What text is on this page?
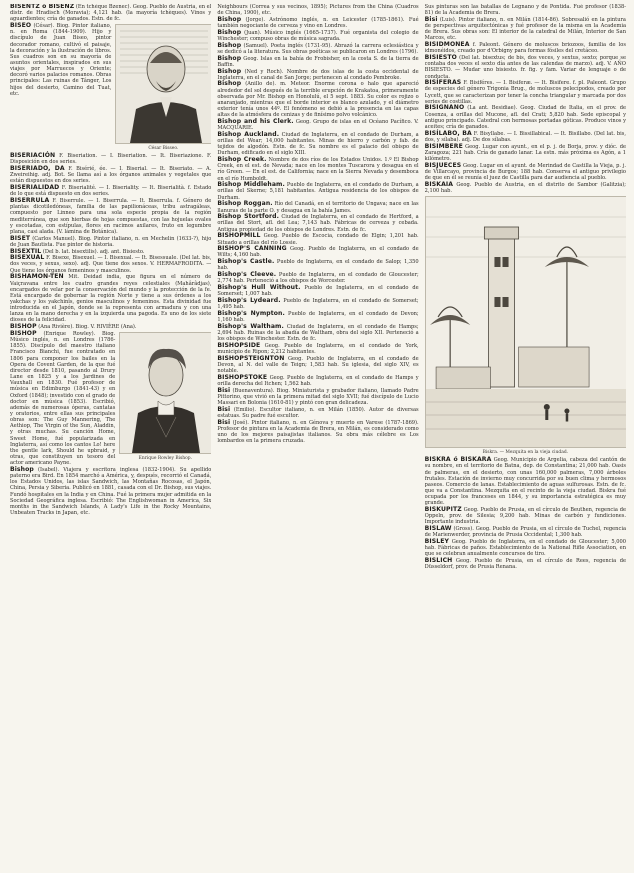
BISENTZ ó BISENZ (En tchèque Bzenec). Geog. Pueblo de Austria, en el distr. de Hradisch (Moravia); 4,121 hab. (la mayoría tchèques). Vinos y aguardientes; cría de ganados. Estn. de fc.
César Bisseo.
BISEO (César). Biog. Pintor italiano, n. en Roma (1844-1909). Hijo y discípulo de Juan Biseo, pintor decorador romano, cultivó el paisaje, la decoración y la ilustración de libros. Sus cuadros son en su mayoría de asuntos orientales, inspirados en sus viajes por Marruecos y Oriente; decoró varios palacios romanos. Obras principales: Las ruinas de Tánger, Los hijos del desierto, Camino del Tuat, etc.
BISERIACIÓN F. Biseriation. — I. Biseriation. — It. Biseriazione. F. Disposición en dos series.
BISERIADO, DA F. Bisérié, ée. — I. Biserial. — It. Biseriato. — A. Zweireihig. adj. Bot. Se llama así a los órganos animales y vegetales que están dispuestos en dos series.
BISERIALIDAD F. Biserialité. — I. Biseriality. — It. Biserialità. f. Estado de lo que está dispuesto en dos series.
BISERRULA F. Biserrule. — I. Biserrula. — It. Biserrula. f. Género de plantas dicotiledóneas, familia de las papilionáceas, tribu astragáleas, compuesto por Linneo para una sola especie propia de la región mediterránea, que son hierbas de hojas compuestas, con las hojuelas ovales y escotadas, con estípulas, flores en racimos axilares, fruto en legumbre plana, casi alada. (V. lámina de Botánica).
BISET (Carlos Manuel). Biog. Pintor italiano, n. en Mechelin (1633-?), hijo de Juan Bautista. Fue pintor de historia.
BISEXTIL (Del b. lat. bisextilis). adj. ant. Bisiesto.
BISEXUAL F. Bisexe, Bisexuel. — I. Bisexual. — It. Bisessuale. (Del lat. bis, dos veces, y sexus, sexo). adj. Que tiene dos sexos. V. HERMAFRODITA. — Que tiene los órganos femeninos y masculinos.
BISHAMON-TEN Mit. Deidad india, que figura en el número de Vaiçravana entre los cuatro grandes reyes celestiales (Mahârâdjas), encargados de velar por la conservación del mundo y la protección de la fe. Está encargado de gobernar la región Norte y tiene a sus órdenes a los yakchas y los yakchinîs, genios masculinos y femeninos. Esta divinidad fue introducida en el Japón, donde se la representa con armadura y con una lanza en la mano derecha y en la izquierda una pagoda. Es uno de los siete dioses de la felicidad.
BISHOP (Ana Rivière). Biog. V. RIVIÈRE (Ana).
Enrique Rowley Bishop.
BISHOP (Enrique Rowley). Biog. Músico inglés, n. en Londres (1786-1855). Discípulo del maestro italiano Francisco Bianchi, fue contratado en 1806 para componer los bailes en la Opera de Covent Garden, de la que fué director desde 1810, pasando al Drury Lane en 1825 y a los Jardines de Vauxhall en 1830. Fué profesor de música en Edimburgo (1841-43) y en Oxford (1848); investido con el grado de doctor en música (1853). Escribió, además de numerosas óperas, cantatas y oratorios, entre ellas sus principales obras son: The Guy Mannering, The Aethiop, The Virgin of the Sun, Aladdin, y otras muchas. Su canción Home, Sweet Home, fué popularizada en Inglaterra, así como los cantos Lo! here the gentle lark, Should he upbraid, y otras, que constituyen un tesoro del actor americano Payne.
Bishop (Isabel). Viajera y escritora inglesa (1832-1904). Su apellido paterno era Bird. En 1854 marchó a América, y, después, recorrió el Canadá, los Estados Unidos, las islas Sandwich, las Montañas Rocosas, el Japón, China, Persia y Siberia. Publicó en 1881, casada con el Dr. Bishop, sus viajes. Fundó hospitales en la India y en China. Fué la primera mujer admitida en la Sociedad Geográfica inglesa. Escribió: The Englishwoman in America, Six months in the Sandwich Islands, A Lady's Life in the Rocky Mountains, Unbeaten Tracks in Japan, etc.
Neighbours (Correa y sus vecinos, 1895); Pictures from the China (Cuadros de China, 1900), etc.
Bishop (Jorge). Astrónomo inglés, n. en Leicester (1785-1861). Fué también negociante de cerveza y vino en Londres.
Bishop (Juan). Músico inglés (1665-1737). Fué organista del colegio de Winchester; compuso obras de música sagrada.
Bishop (Samuel). Poeta inglés (1731-95). Abrazó la carrera eclesiástica y se dedicó a la literatura. Sus obras poéticas se publicaron en Londres (1796).
Bishop Geog. Islas en la bahía de Frobisher, en la costa S. de la tierra de Baffin.
Bishop (Ned y Roch). Nombre de dos islas de la costa occidental de Inglaterra, en el canal de San Jorge; pertenecen al condado Pembroke.
Bishop (Anillo de). m. Meteor. Enorme corona o halo que apareció alrededor del sol después de la terrible erupción de Krakatoa, primeramente observada por Mr. Bishop en Honolulú, el 5 sept. 1883. Su color es rojizo o anaranjado, mientras que el borde interior es blanco azulado, y el diámetro exterior tenía unos 44º. El fenómeno se debió a la presencia en las capas altas de la atmósfera de cenizas y de finísimo polvo volcánico.
Bishop and his Clerk. Geog. Grupo de islas en el Océano Pacífico. V. MACQUARIE.
Bishop Auckland. Ciudad de Inglaterra, en el condado de Durham, a orillas del Wear; 14,000 habitantes. Minas de hierro y carbón y fab. de tejidos de algodón. Estn. de fc. Su nombre es el palacio del obispo de Durham, edificado en el siglo XIII.
Bishop Creek. Nombre de dos ríos de los Estados Unidos. 1.º El Bishop Creek, en el est. de Nevada; nace en los montes Tuscarora y desagua en el río Green. — En el est. de California; nace en la Sierra Nevada y desemboca en el río Humboldt.
Bishop Middleham. Pueblo de Inglaterra, en el condado de Durham, a orillas del Skerne; 5,181 habitantes. Antigua residencia de los obispos de Durham.
Bishop Roggan. Río del Canadá, en el territorio de Ungava; nace en las llanuras de la parte O. y desagua en la bahía James.
Bishop Stortford. Ciudad de Inglaterra, en el condado de Hertford, a orillas del Stort, afl. del Lea; 7,143 hab. Fábricas de cerveza y cebada. Antigua propiedad de los obispos de Londres. Estn. de fc.
BISHOPMILL Geog. Pueblo de Escocia, condado de Elgin; 1,201 hab. Situado a orillas del río Lossie.
BISHOP'S CANNING Geog. Pueblo de Inglaterra, en el condado de Wilts; 4,160 hab.
Bishop's Castle. Pueblo de Inglaterra, en el condado de Salop; 1,350 hab.
Bishop's Cleeve. Pueblo de Inglaterra, en el condado de Gloucester; 2,774 hab. Perteneció a los obispos de Worcester.
Bishop's Hull Without. Pueblo de Inglaterra, en el condado de Somerset; 1,007 hab.
Bishop's Lydeard. Pueblo de Inglaterra, en el condado de Somerset; 1,495 hab.
Bishop's Nympton. Pueblo de Inglaterra, en el condado de Devon; 1,160 hab.
Bishop's Waltham. Ciudad de Inglaterra, en el condado de Hamps; 2,694 hab. Ruinas de la abadía de Waltham, obra del siglo XII. Perteneció a los obispos de Winchester. Estn. de fc.
BISHOPSIDE Geog. Pueblo de Inglaterra, en el condado de York, municipio de Ripon; 2,212 habitantes.
BISHOPSTEIGNTON Geog. Pueblo de Inglaterra, en el condado de Devon, al N. del valle de Teign; 1,583 hab. Su iglesia, del siglo XIV, es notable.
BISHOPSTOKE Geog. Pueblo de Inglaterra, en el condado de Hamps y orilla derecha del Itchen; 1,562 hab.
Bisi (Buenaventura). Biog. Miniaturista y grabador italiano, llamado Padre Pittorino, que vivió en la primera mitad del siglo XVII; fué discípulo de Lucio Massari en Bolonia (1610-81) y pintó con gran delicadeza.
Bisi (Emilio). Escultor italiano, n. en Milán (1850). Autor de diversas estatuas. Su padre fué escultor.
Bisi (José). Pintor italiano, n. en Génova y muerto en Varese (1787-1869). Profesor de pintura en la Academia de Brera, en Milán, es considerado como uno de los mejores paisajistas italianos. Su obra más célebre es Los lombardos en la primera cruzada.
Sus pinturas son las batallas de Legnano y de Pontida. Fué profesor (1838-81) de la Academia de Brera.
Bisi (Luis). Pintor italiano, n. en Milán (1814-86). Sobresalió en la pintura de perspectivas arquitectónicas y fué profesor de la misma en la Academia de Brera. Sus obras son: El interior de la catedral de Milán, Interior de San Marcos, etc.
BISIDMONEA f. Paleont. Género de moluscos briozoos, familia de los idmonéidos, creado por d'Orbigny para formas fósiles del cretáceo.
BISIESTO (Del lat. bisextus; de bis, dos veces, y sextus, sexto; porque se contaba dos veces el sexto día antes de las calendas de marzo). adj. V. AÑO BISIESTO. — Mudar uno bisiesto. fr. fig. y fam. Variar de lenguaje o de conducta.
BISÍFERAS F. Bisiféres. — I. Bisiferæ. — It. Bisifere. f. pl. Paleont. Grupo de especies del género Trigonia Brug., de moluscos pelecípodos, creado por Lycett, que se caracterizan por tener la concha triangular y marcada por dos series de costillas.
BISIGNANO (La ant. Besidiae). Geog. Ciudad de Italia, en el prov. de Cosenza, a orillas del Mucone, afl. del Crati; 5,820 hab. Sede episcopal y antiguo principado. Catedral con hermosas portadas góticas. Produce vinos y aceites; cría de ganados.
BISÍLABO, BA F. Bisyllabe. — I. Bissillabical. — It. Bisillabo. (Del lat. bis, dos, y sílaba). adj. De dos sílabas.
BISIMBERE Geog. Lugar con ayunt., en el p. j. de Borja, prov. y dióc. de Zaragoza; 221 hab. Cría de ganado lanar. La estn. más próxima es Agón, a 1 kilómetro.
BISJUECES Geog. Lugar en el ayunt. de Merindad de Castilla la Vieja, p. j. de Villarcayo, provincia de Burgos; 188 hab. Conserva el antiguo privilegio de que en él se reunía el juez de Castilla para dar audiencia al pueblo.
BISKAIA Geog. Pueblo de Austria, en el distrito de Sambor (Galitzia); 2,100 hab.
Biskra. — Mezquita en la vieja ciudad.
BISKRA ó BISKARA Geog. Municipio de Argelia, cabeza del cantón de su nombre, en el territorio de Batna, dep. de Constantina; 21,000 hab. Oasis de palmeras, en el desierto, con unas 160,000 palmeras, 7,000 árboles frutales. Estación de invierno muy concurrida por su buen clima y hermosos paseos. Comercio de lanas. Establecimiento de aguas sulfurosas. Estn. de fc. que va a Constantina. Mezquita en el recinto de la vieja ciudad. Biskra fué ocupada por los franceses en 1844, y su importancia estratégica es muy grande.
BISKUPITZ Geog. Pueblo de Prusia, en el círculo de Beuthen, regencia de Oppeln, prov. de Silesia; 9,200 hab. Minas de carbón y fundiciones. Importante industria.
BISLAW (Gross). Geog. Pueblo de Prusia, en el círculo de Tuchel, regencia de Marienwerder, provincia de Prusia Occidental; 1,300 hab.
BISLEY Geog. Pueblo de Inglaterra, en el condado de Gloucester; 5,000 hab. Fábricas de paños. Establecimiento de la National Rifle Association, en que se celebran anualmente concursos de tiro.
BISLICH Geog. Pueblo de Prusia, en el círculo de Rees, regencia de Düsseldorf, prov. de Prusia Renana.
